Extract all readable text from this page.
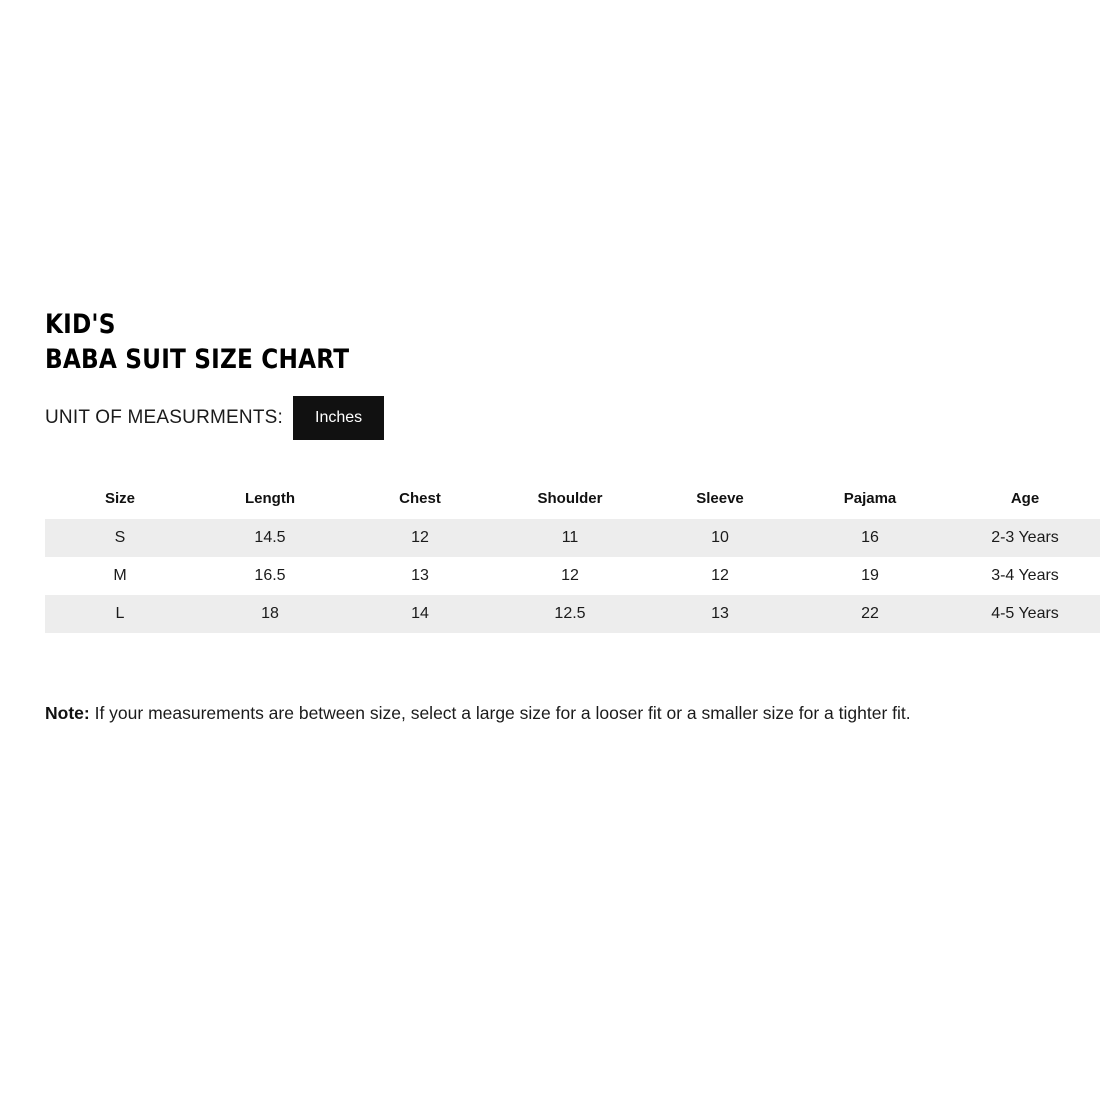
KID'S
BABA SUIT SIZE CHART
UNIT OF MEASURMENTS:	Inches
Size	Length	Chest	Shoulder	Sleeve	Pajama	Age
S	14.5	12	11	10	16	2-3 Years
M	16.5	13	12	12	19	3-4 Years
L	18	14	12.5	13	22	4-5 Years
Note: If your measurements are between size, select a large size for a looser fit or a smaller size for a tighter fit.
